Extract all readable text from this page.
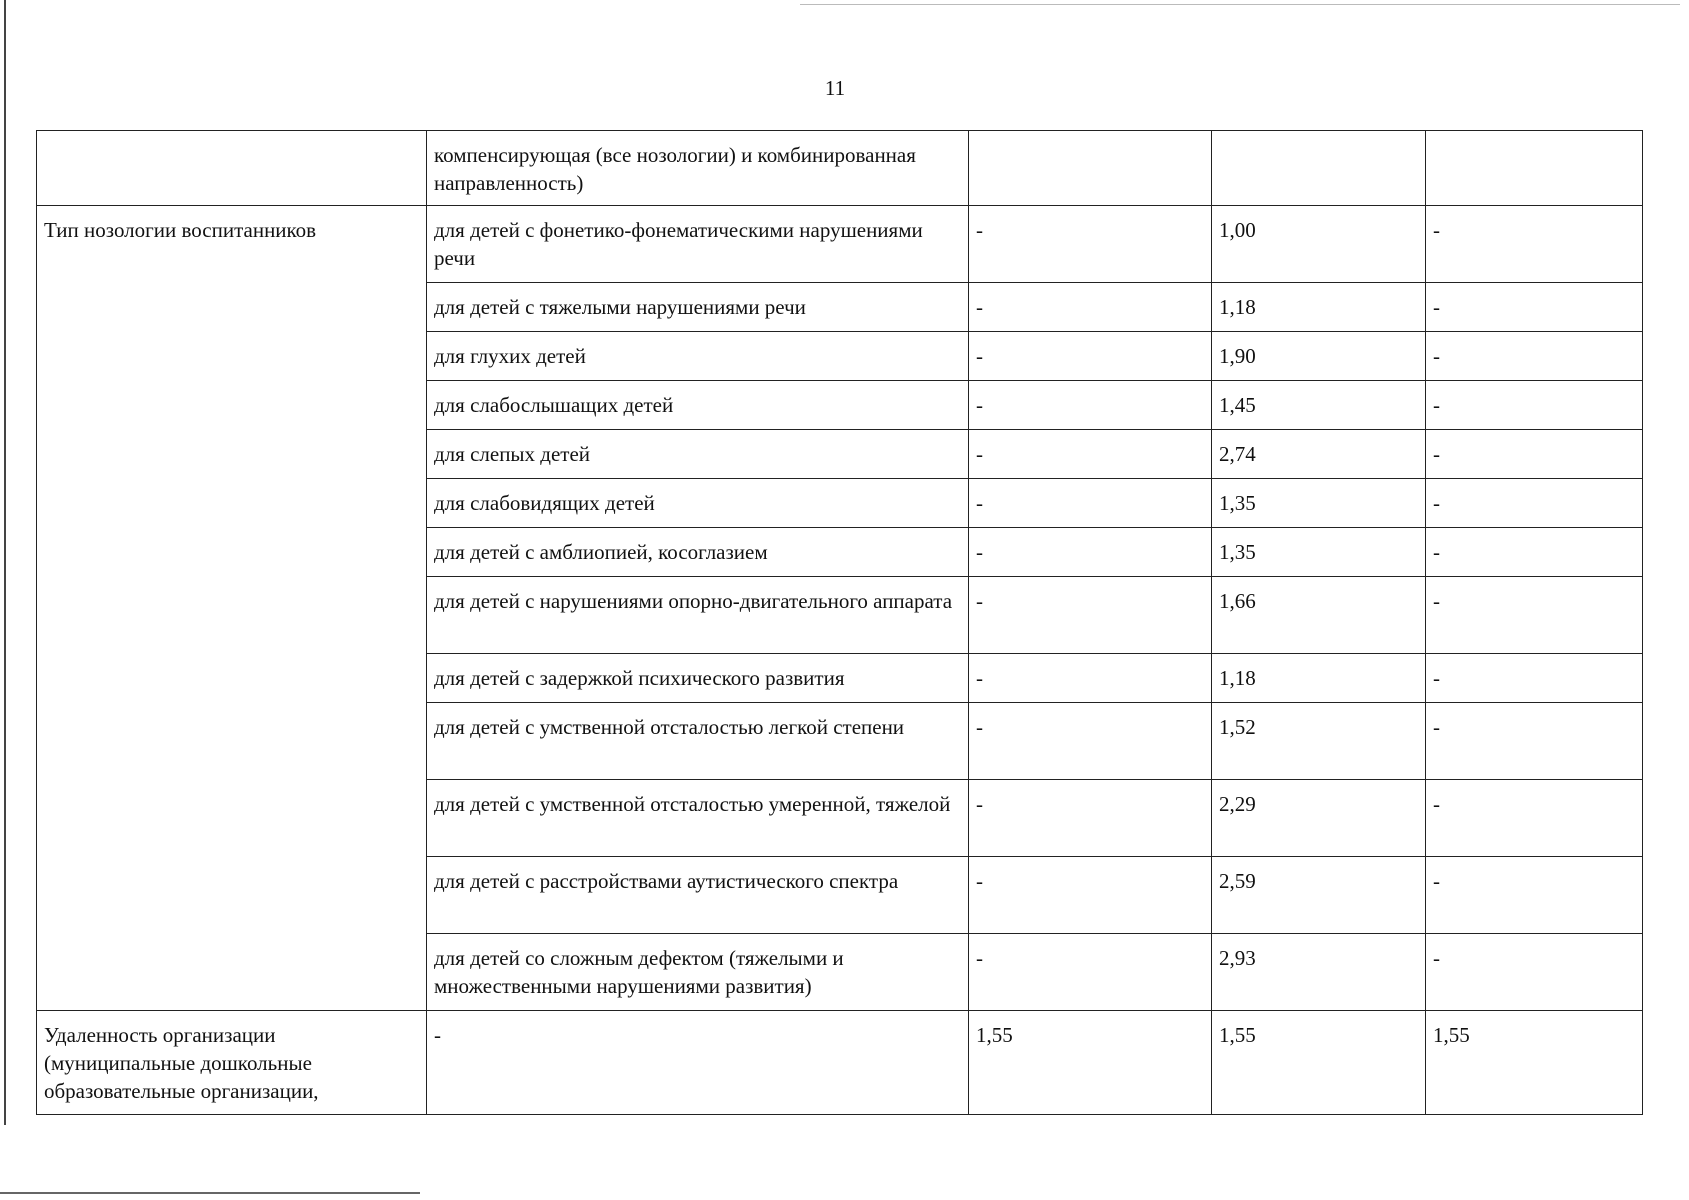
11
	компенсирующая (все нозологии) и комбинированная направленность)			
Тип нозологии воспитанников	для детей с фонетико-фонематическими нарушениями речи	-	1,00	-
	для детей с тяжелыми нарушениями речи	-	1,18	-
	для глухих детей	-	1,90	-
	для слабослышащих детей	-	1,45	-
	для слепых детей	-	2,74	-
	для слабовидящих детей	-	1,35	-
	для детей с амблиопией, косоглазием	-	1,35	-
	для детей с нарушениями опорно-двигательного аппарата	-	1,66	-
	для детей с задержкой психического развития	-	1,18	-
	для детей с умственной отсталостью легкой степени	-	1,52	-
	для детей с умственной отсталостью умеренной, тяжелой	-	2,29	-
	для детей с расстройствами аутистического спектра	-	2,59	-
	для детей со сложным дефектом (тяжелыми и множественными нарушениями развития)	-	2,93	-
Удаленность организации (муниципальные дошкольные образовательные организации,	-	1,55	1,55	1,55
